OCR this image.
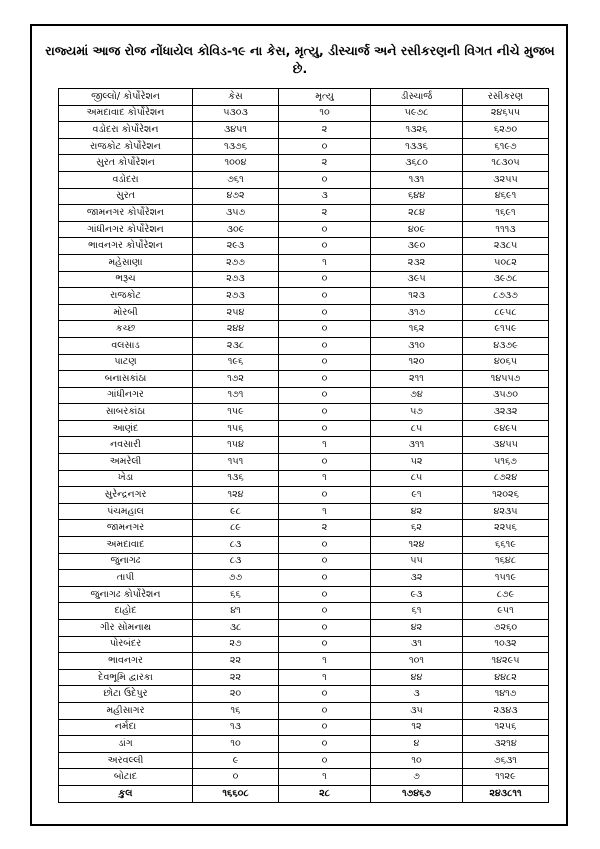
રાજ્યમાં આજ રોજ નોંધાયેલ કોવિડ-૧૯ ના કેસ, મૃત્યુ, ડીસ્ચાર્જ અને રસીકરણની વિગત નીચે મુજબ છે.
જીલ્લો/ કોર્પોરેશન	કેસ	મૃત્યુ	ડીસ્ચાર્જ	રસીકરણ
અમદાવાદ કોર્પોરેશન	૫૩૦૩	૧૦	૫૯૭૮	૨૪૬૫૫
વડોદરા કોર્પોરેશન	૩૪૫૧	૨	૧૩૨૬	૬૨૭૦
રાજકોટ કોર્પોરેશન	૧૩૭૬	૦	૧૩૩૬	૬૧૯૭
સુરત કોર્પોરેશન	૧૦૦૪	૨	૩૬૮૦	૧૮૩૦૫
વડોદરા	૭૬૧	૦	૧૩૧	૩૨૫૫
સુરત	૪૭૨	૩	૬૪૪	૪૬૯૧
જામનગર કોર્પોરેશન	૩૫૭	૨	૨૮૪	૧૬૯૧
ગાંધીનગર કોર્પોરેશન	૩૦૯	૦	૪૦૯	૧૧૧૩
ભાવનગર કોર્પોરેશન	૨૯૩	૦	૩૯૦	૨૩૮૫
મહેસાણા	૨૭૭	૧	૨૩૨	૫૦૮૨
ભરૂચ	૨૭૩	૦	૩૯૫	૩૯૭૮
રાજકોટ	૨૭૩	૦	૧૨૩	૮૭૩૭
મોરબી	૨૫૪	૦	૩૧૭	૮૯૫૮
કચ્છ	૨૪૪	૦	૧૬૨	૯૧૫૯
વલસાડ	૨૩૮	૦	૩૧૦	૪૩૭૯
પાટણ	૧૯૬	૦	૧૨૦	૪૦૬૫
બનાસકાંઠા	૧૭૨	૦	૨૧૧	૧૪૫૫૭
ગાંધીનગર	૧૭૧	૦	૭૪	૩૫૭૦
સાબરકાંઠા	૧૫૯	૦	૫૭	૩૨૩૨
આણંદ	૧૫૬	૦	૮૫	૯૪૯૫
નવસારી	૧૫૪	૧	૩૧૧	૩૪૫૫
અમરેલી	૧૫૧	૦	૫૨	૫૧૬૭
ખેડા	૧૩૬	૧	૮૫	૮૭૨૪
સુરેન્દ્રનગર	૧૨૪	૦	૯૧	૧૨૦૨૬
પંચમહાલ	૯૮	૧	૪૨	૪૨૩૫
જામનગર	૮૯	૨	૬૨	૨૨૫૬
અમદાવાદ	૮૩	૦	૧૨૪	૬૬૧૯
જુનાગઢ	૮૩	૦	૫૫	૧૬૪૮
તાપી	૭૭	૦	૩૨	૧૫૧૯
જુનાગઢ કોર્પોરેશન	૬૬	૦	૯૩	૮૭૯
દાહોદ	૪૧	૦	૬૧	૯૫૧
ગીર સોમનાથ	૩૮	૦	૪૨	૭૨૬૦
પોરબંદર	૨૭	૦	૩૧	૧૦૩૨
ભાવનગર	૨૨	૧	૧૦૧	૧૪૨૯૫
દેવભૂમિ દ્વારકા	૨૨	૧	૪૪	૪૪૮૨
છોટા ઉદેપુર	૨૦	૦	૩	૧૪૧૭
મહીસાગર	૧૬	૦	૩૫	૨૩૪૩
નર્મદા	૧૩	૦	૧૨	૧૨૫૬
ડાંગ	૧૦	૦	૪	૩૨૧૪
અરવલ્લી	૯	૦	૧૦	૭૬૩૧
બોટાદ	૦	૧	૭	૧૧૨૯
કુલ	૧૬૬૦૮	૨૮	૧૭૪૬૭	૨૪૩૮૧૧
